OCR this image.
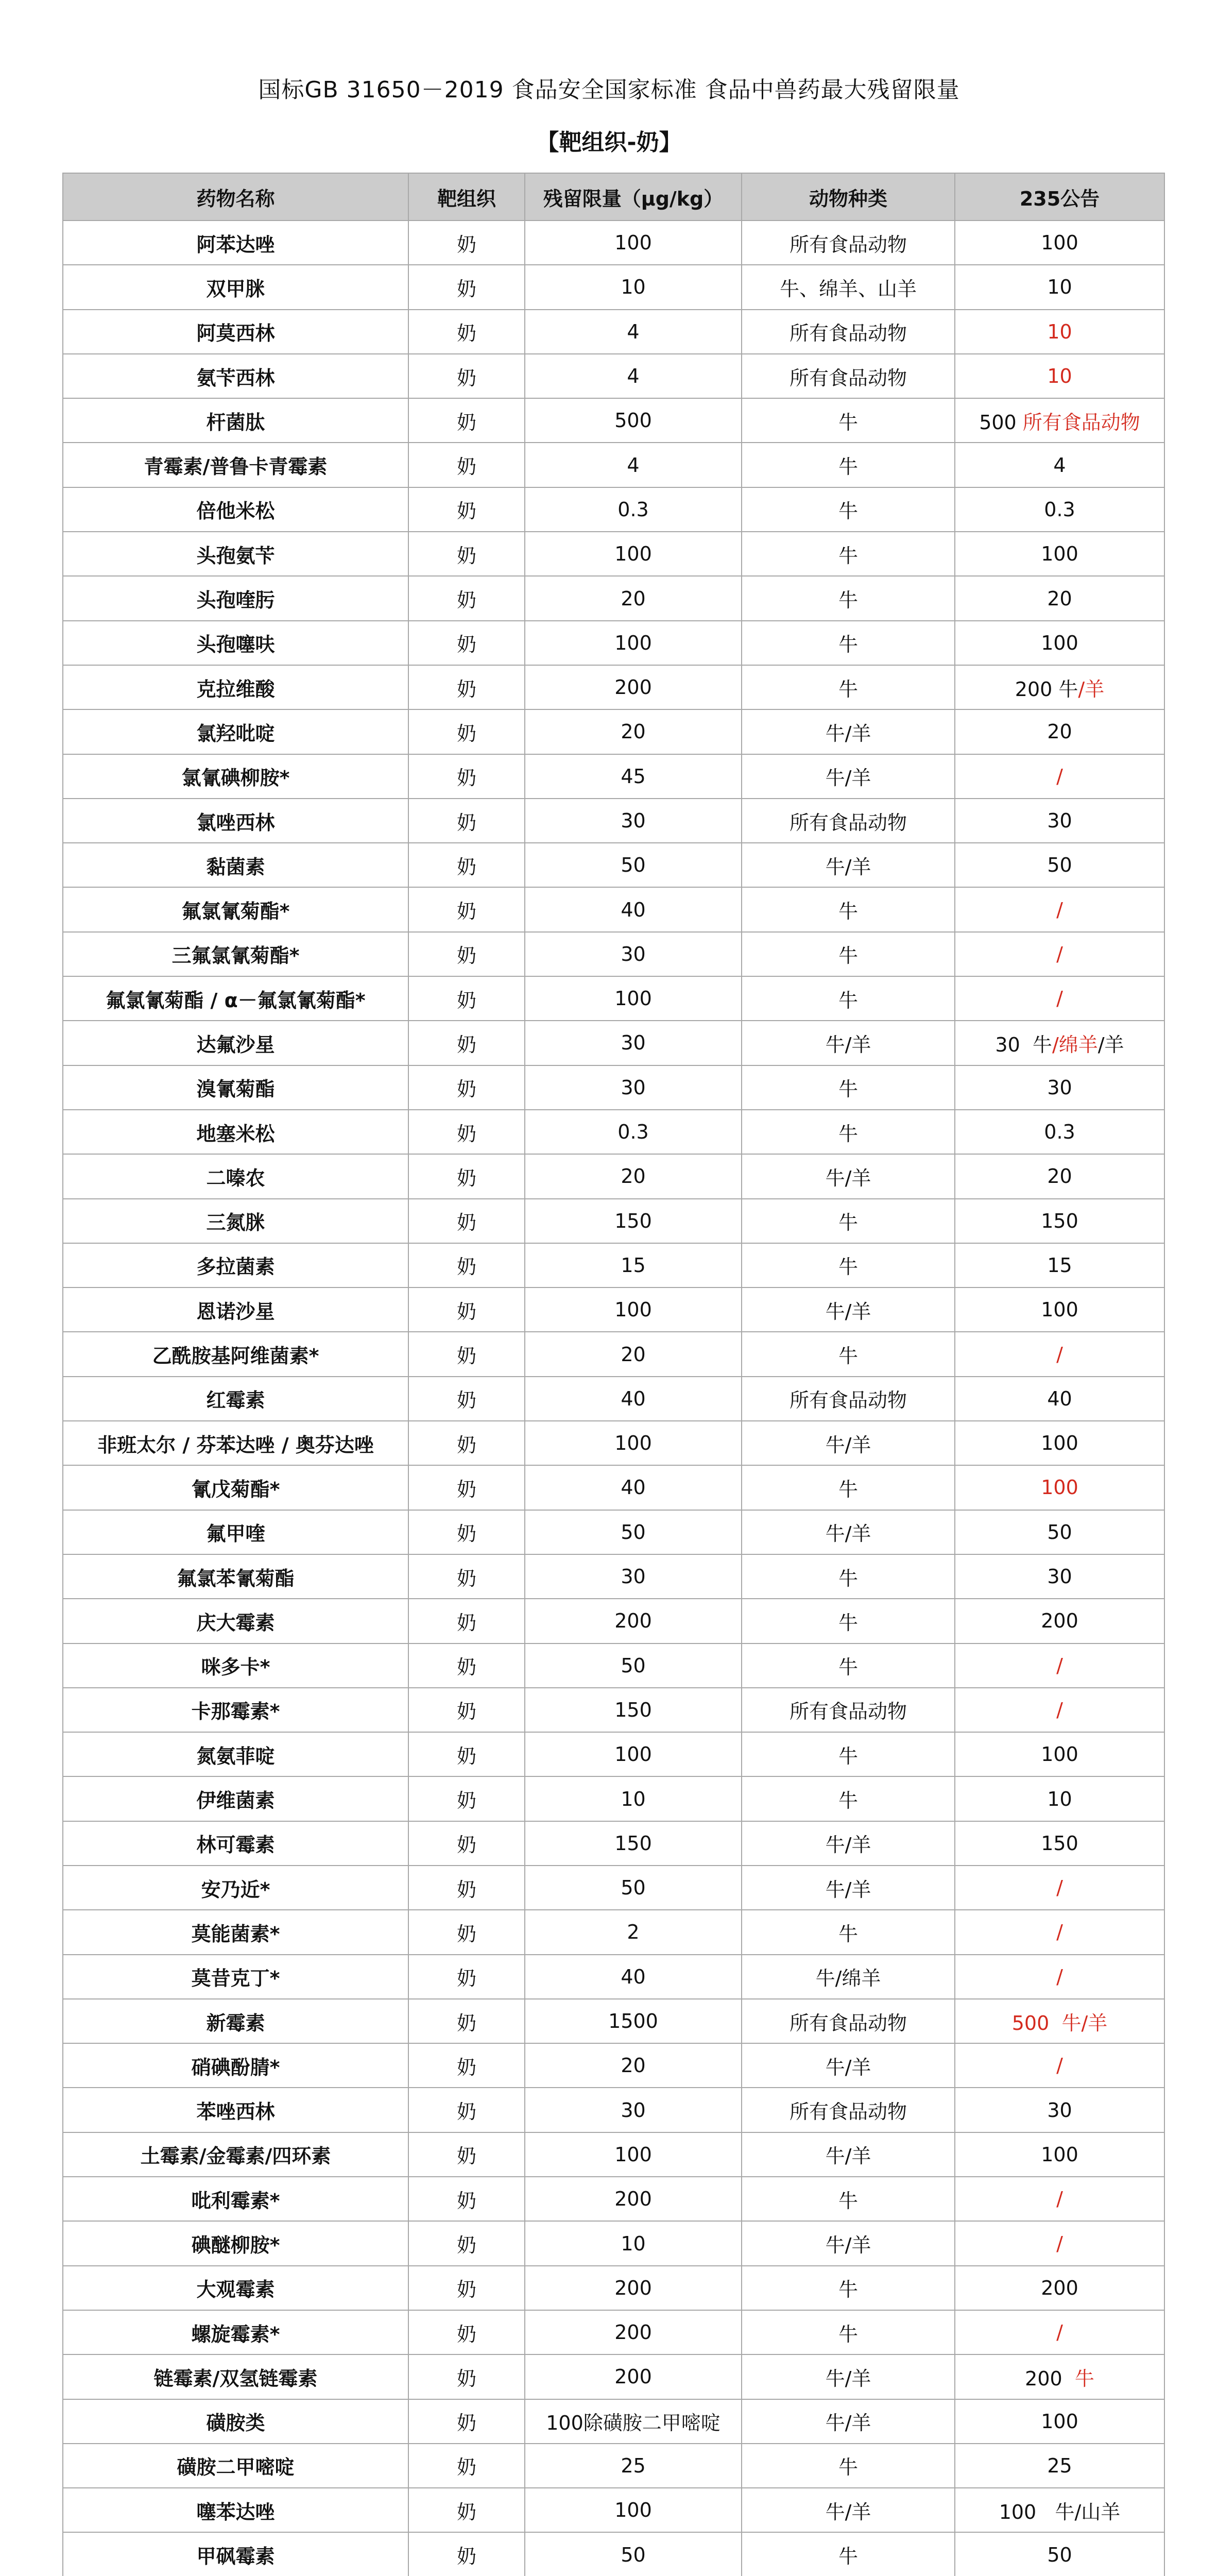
国标GB 31650－2019 食品安全国家标准 食品中兽药最大残留限量
【靶组织-奶】
药物名称	靶组织	残留限量（μg/kg）	动物种类	235公告
阿苯达唑	奶	100	所有食品动物	100
双甲脒	奶	10	牛、绵羊、山羊	10
阿莫西林	奶	4	所有食品动物	10
氨苄西林	奶	4	所有食品动物	10
杆菌肽	奶	500	牛	500 所有食品动物
青霉素/普鲁卡青霉素	奶	4	牛	4
倍他米松	奶	0.3	牛	0.3
头孢氨苄	奶	100	牛	100
头孢喹肟	奶	20	牛	20
头孢噻呋	奶	100	牛	100
克拉维酸	奶	200	牛	200 牛/羊
氯羟吡啶	奶	20	牛/羊	20
氯氰碘柳胺*	奶	45	牛/羊	/
氯唑西林	奶	30	所有食品动物	30
黏菌素	奶	50	牛/羊	50
氟氯氰菊酯*	奶	40	牛	/
三氟氯氰菊酯*	奶	30	牛	/
氟氯氰菊酯 / α－氟氯氰菊酯*	奶	100	牛	/
达氟沙星	奶	30	牛/羊	30  牛/绵羊/羊
溴氰菊酯	奶	30	牛	30
地塞米松	奶	0.3	牛	0.3
二嗪农	奶	20	牛/羊	20
三氮脒	奶	150	牛	150
多拉菌素	奶	15	牛	15
恩诺沙星	奶	100	牛/羊	100
乙酰胺基阿维菌素*	奶	20	牛	/
红霉素	奶	40	所有食品动物	40
非班太尔 / 芬苯达唑 / 奥芬达唑	奶	100	牛/羊	100
氰戊菊酯*	奶	40	牛	100
氟甲喹	奶	50	牛/羊	50
氟氯苯氰菊酯	奶	30	牛	30
庆大霉素	奶	200	牛	200
咪多卡*	奶	50	牛	/
卡那霉素*	奶	150	所有食品动物	/
氮氨菲啶	奶	100	牛	100
伊维菌素	奶	10	牛	10
林可霉素	奶	150	牛/羊	150
安乃近*	奶	50	牛/羊	/
莫能菌素*	奶	2	牛	/
莫昔克丁*	奶	40	牛/绵羊	/
新霉素	奶	1500	所有食品动物	500  牛/羊
硝碘酚腈*	奶	20	牛/羊	/
苯唑西林	奶	30	所有食品动物	30
土霉素/金霉素/四环素	奶	100	牛/羊	100
吡利霉素*	奶	200	牛	/
碘醚柳胺*	奶	10	牛/羊	/
大观霉素	奶	200	牛	200
螺旋霉素*	奶	200	牛	/
链霉素/双氢链霉素	奶	200	牛/羊	200  牛
磺胺类	奶	100除磺胺二甲嘧啶	牛/羊	100
磺胺二甲嘧啶	奶	25	牛	25
噻苯达唑	奶	100	牛/羊	100   牛/山羊
甲砜霉素	奶	50	牛	50
